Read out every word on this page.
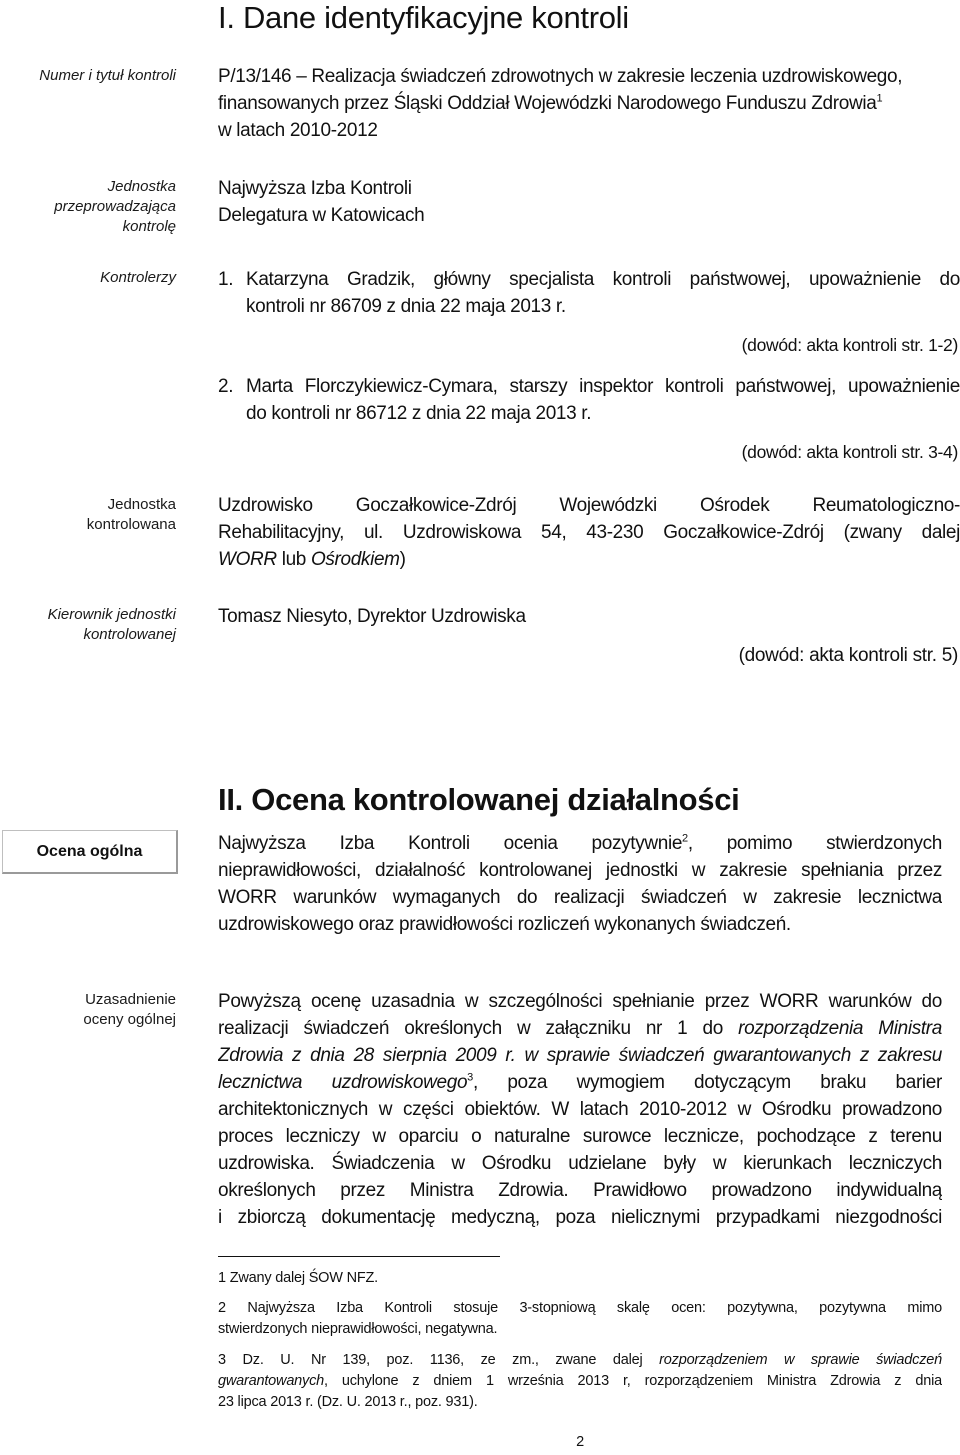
I. Dane identyfikacyjne kontroli
Numer i tytuł kontroli
Jednostka
przeprowadzająca
kontrolę
Kontrolerzy
Jednostka
kontrolowana
Kierownik jednostki
kontrolowanej
P/13/146 – Realizacja świadczeń zdrowotnych w zakresie leczenia uzdrowiskowego,
finansowanych przez Śląski Oddział Wojewódzki Narodowego Funduszu Zdrowia$^1$
w latach 2010-2012
Najwyższa Izba Kontroli
Delegatura w Katowicach
1. Katarzyna Gradzik, główny specjalista kontroli państwowej, upoważnienie do
kontroli nr 86709 z dnia 22 maja 2013 r.
(dowód: akta kontroli str. 1-2)
2. Marta Florczykiewicz-Cymara, starszy inspektor kontroli państwowej, upoważnienie
do kontroli nr 86712 z dnia 22 maja 2013 r.
(dowód: akta kontroli str. 3-4)
Uzdrowisko Goczałkowice-Zdrój Wojewódzki Ośrodek Reumatologiczno-
Rehabilitacyjny, ul. Uzdrowiskowa 54, 43-230 Goczałkowice-Zdrój (zwany dalej
WORR lub Ośrodkiem)
Tomasz Niesyto, Dyrektor Uzdrowiska
(dowód: akta kontroli str. 5)
II. Ocena kontrolowanej działalności
Ocena ogólna	Najwyższa Izba Kontroli ocenia pozytywnie$^2$, pomimo stwierdzonych
nieprawidłowości, działalność kontrolowanej jednostki w zakresie spełniania przez
WORR warunków wymaganych do realizacji świadczeń w zakresie lecznictwa
uzdrowiskowego oraz prawidłowości rozliczeń wykonanych świadczeń.
Uzasadnienie
oceny ogólnej
Powyższą ocenę uzasadnia w szczególności spełnianie przez WORR warunków do
realizacji świadczeń określonych w załączniku nr 1 do rozporządzenia Ministra
Zdrowia z dnia 28 sierpnia 2009 r. w sprawie świadczeń gwarantowanych z zakresu
lecznictwa uzdrowiskowego$^3$, poza wymogiem dotyczącym braku barier
architektonicznych w części obiektów. W latach 2010-2012 w Ośrodku prowadzono
proces leczniczy w oparciu o naturalne surowce lecznicze, pochodzące z terenu
uzdrowiska. Świadczenia w Ośrodku udzielane były w kierunkach leczniczych
określonych przez Ministra Zdrowia. Prawidłowo prowadzono indywidualną
i zbiorczą dokumentację medyczną, poza nielicznymi przypadkami niezgodności
1 Zwany dalej ŚOW NFZ.
2 Najwyższa Izba Kontroli stosuje 3-stopniową skalę ocen: pozytywna, pozytywna mimo
stwierdzonych nieprawidłowości, negatywna.
3 Dz. U. Nr 139, poz. 1136, ze zm., zwane dalej rozporządzeniem w sprawie świadczeń
gwarantowanych, uchylone z dniem 1 września 2013 r, rozporządzeniem Ministra Zdrowia z dnia
23 lipca 2013 r. (Dz. U. 2013 r., poz. 931).
2
